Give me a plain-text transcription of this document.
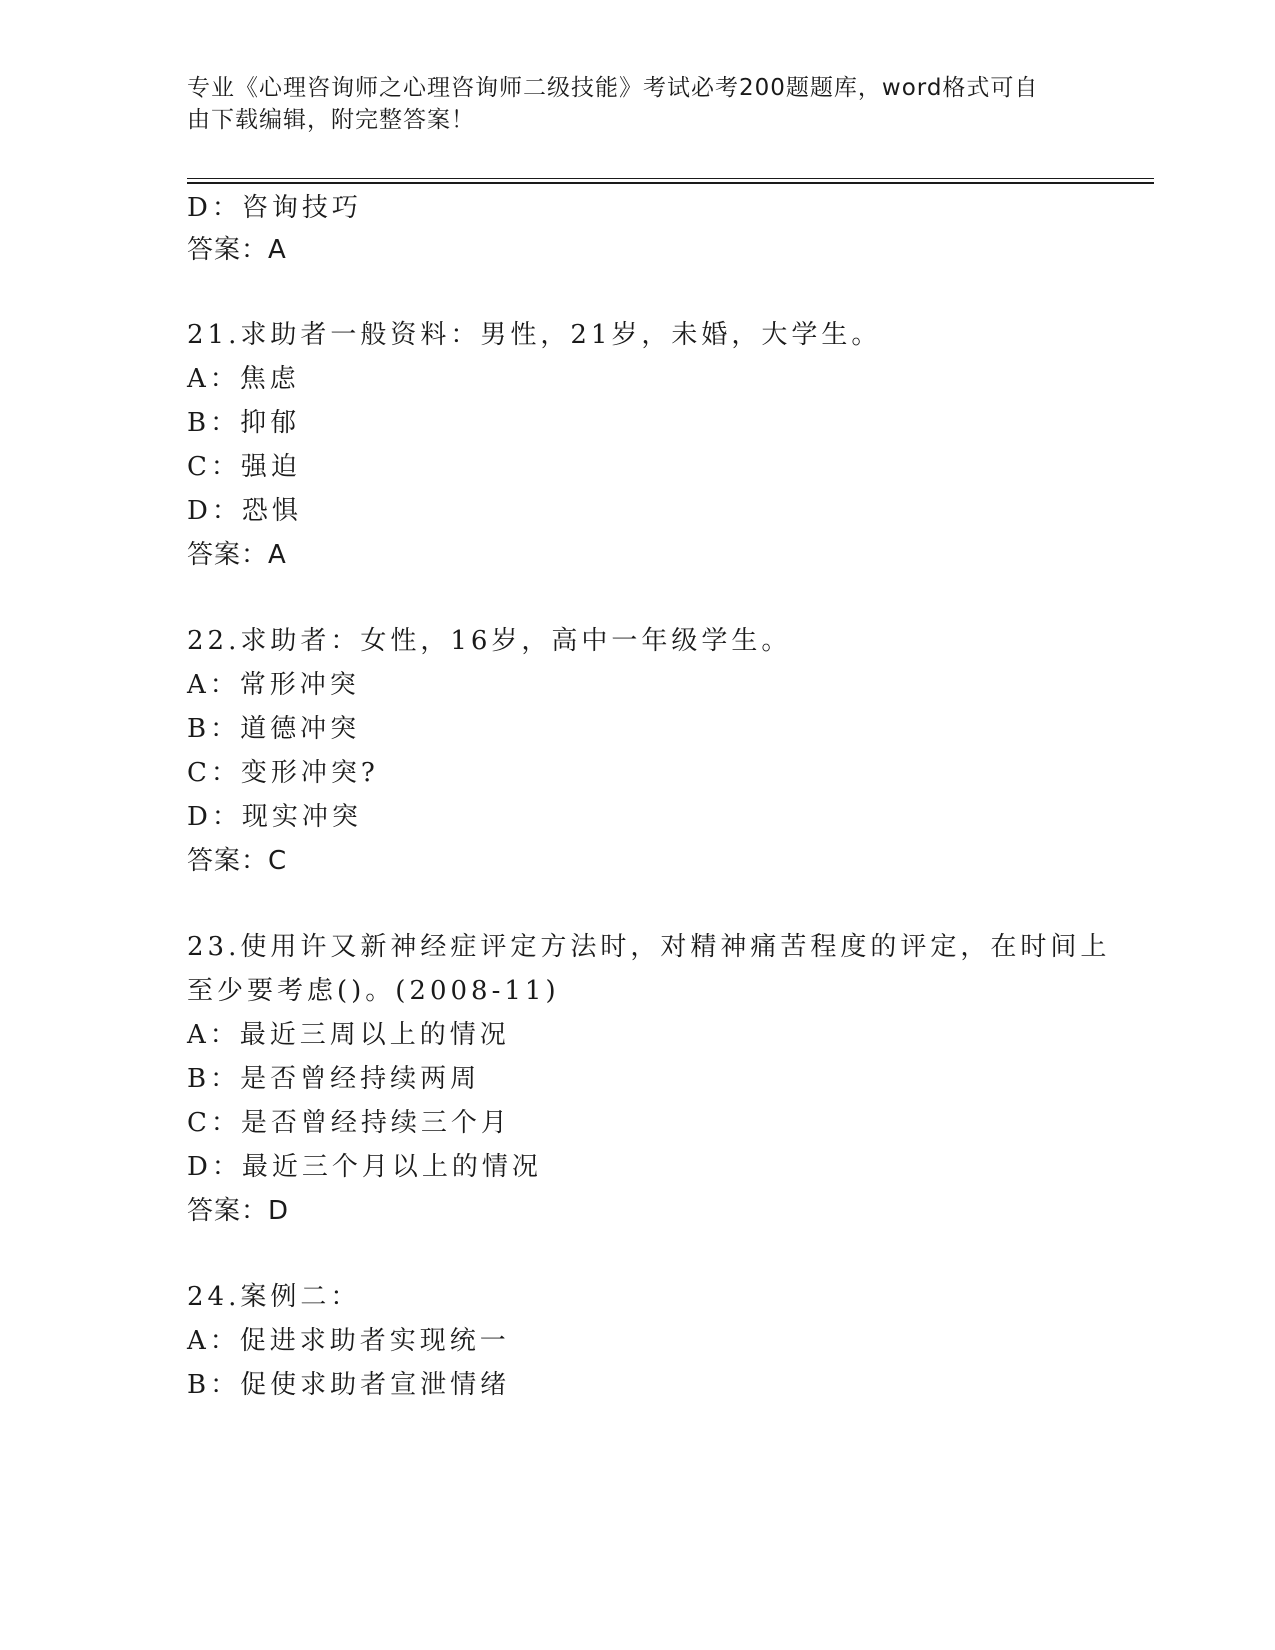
专业《心理咨询师之心理咨询师二级技能》考试必考200题题库，word格式可自
由下载编辑，附完整答案！
D：咨询技巧
答案：A
21.求助者一般资料：男性，21岁，未婚，大学生。
A：焦虑
B：抑郁
C：强迫
D：恐惧
答案：A
22.求助者：女性，16岁，高中一年级学生。
A：常形冲突
B：道德冲突
C：变形冲突?
D：现实冲突
答案：C
23.使用许又新神经症评定方法时，对精神痛苦程度的评定，在时间上
至少要考虑()。(2008-11)
A：最近三周以上的情况
B：是否曾经持续两周
C：是否曾经持续三个月
D：最近三个月以上的情况
答案：D
24.案例二：
A：促进求助者实现统一
B：促使求助者宣泄情绪
